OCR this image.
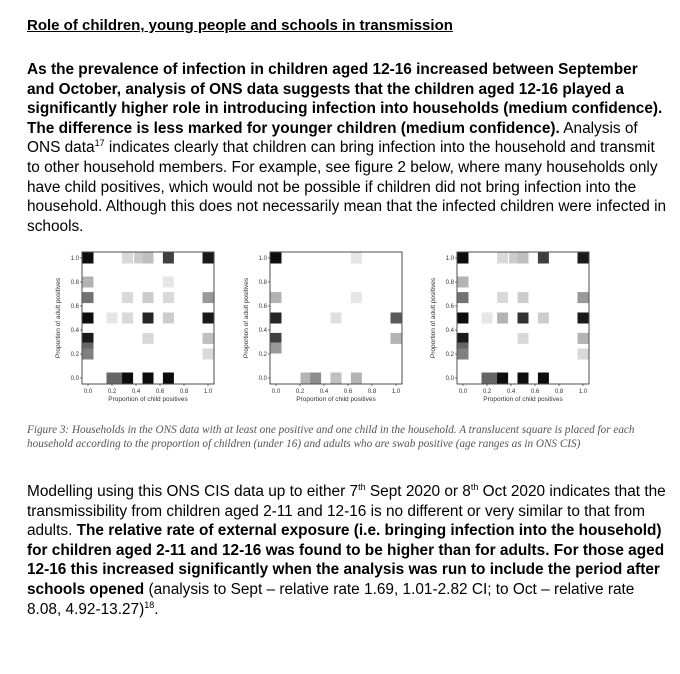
Role of children, young people and schools in transmission
As the prevalence of infection in children aged 12-16 increased between September and October, analysis of ONS data suggests that the children aged 12-16 played a significantly higher role in introducing infection into households (medium confidence). The difference is less marked for younger children (medium confidence). Analysis of ONS data$^{17}$ indicates clearly that children can bring infection into the household and transmit to other household members. For example, see figure 2 below, where many households only have child positives, which would not be possible if children did not bring infection into the household. Although this does not necessarily mean that the infected children were infected in schools.
0.0
0.0
0.2
0.2
0.4
0.4
0.6
0.6
0.8
0.8
1.0
1.0
Proportion of child positives
Proportion of adult positives
0.0
0.0
0.2
0.2
0.4
0.4
0.6
0.6
0.8
0.8
1.0
1.0
Proportion of child positives
Proportion of adult positives
0.0
0.0
0.2
0.2
0.4
0.4
0.6
0.6
0.8
0.8
1.0
1.0
Proportion of child positives
Proportion of adult positives
Figure 3: Households in the ONS data with at least one positive and one child in the household. A translucent square is placed for each household according to the proportion of children (under 16) and adults who are swab positive (age ranges as in ONS CIS)
Modelling using this ONS CIS data up to either 7th Sept 2020 or 8th Oct 2020 indicates that the transmissibility from children aged 2-11 and 12-16 is no different or very similar to that from adults. The relative rate of external exposure (i.e. bringing infection into the household) for children aged 2-11 and 12-16 was found to be higher than for adults. For those aged 12-16 this increased significantly when the analysis was run to include the period after schools opened (analysis to Sept – relative rate 1.69, 1.01-2.82 CI; to Oct – relative rate 8.08, 4.92-13.27)$^{18}$.
